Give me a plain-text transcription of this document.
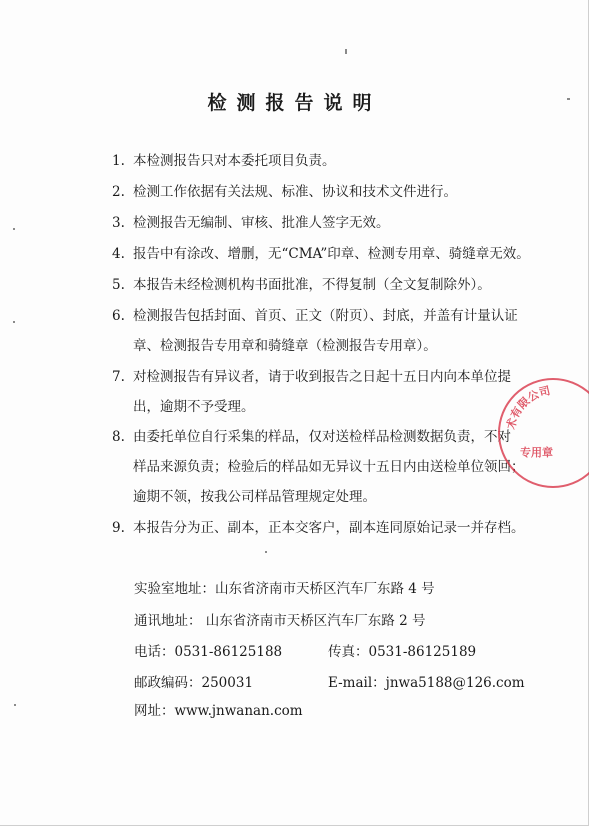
检测报告说明
1. 本检测报告只对本委托项目负责。
2. 检测工作依据有关法规、标准、协议和技术文件进行。
3. 检测报告无编制、审核、批准人签字无效。
4. 报告中有涂改、增删，无“CMA”印章、检测专用章、骑缝章无效。
5. 本报告未经检测机构书面批准，不得复制（全文复制除外）。
6. 检测报告包括封面、首页、正文（附页）、封底，并盖有计量认证
章、检测报告专用章和骑缝章（检测报告专用章）。
7. 对检测报告有异议者，请于收到报告之日起十五日内向本单位提
出，逾期不予受理。
8. 由委托单位自行采集的样品，仅对送检样品检测数据负责，不对
样品来源负责；检验后的样品如无异议十五日内由送检单位领回；
逾期不领，按我公司样品管理规定处理。
9. 本报告分为正、副本，正本交客户，副本连同原始记录一并存档。
实验室地址：山东省济南市天桥区汽车厂东路 4 号
通讯地址： 山东省济南市天桥区汽车厂东路 2 号
电话：0531-86125188	传真：0531-86125189
邮政编码：250031	E-mail：jnwa5188@126.com
网址：www.jnwanan.com
术有限公司
专用章
